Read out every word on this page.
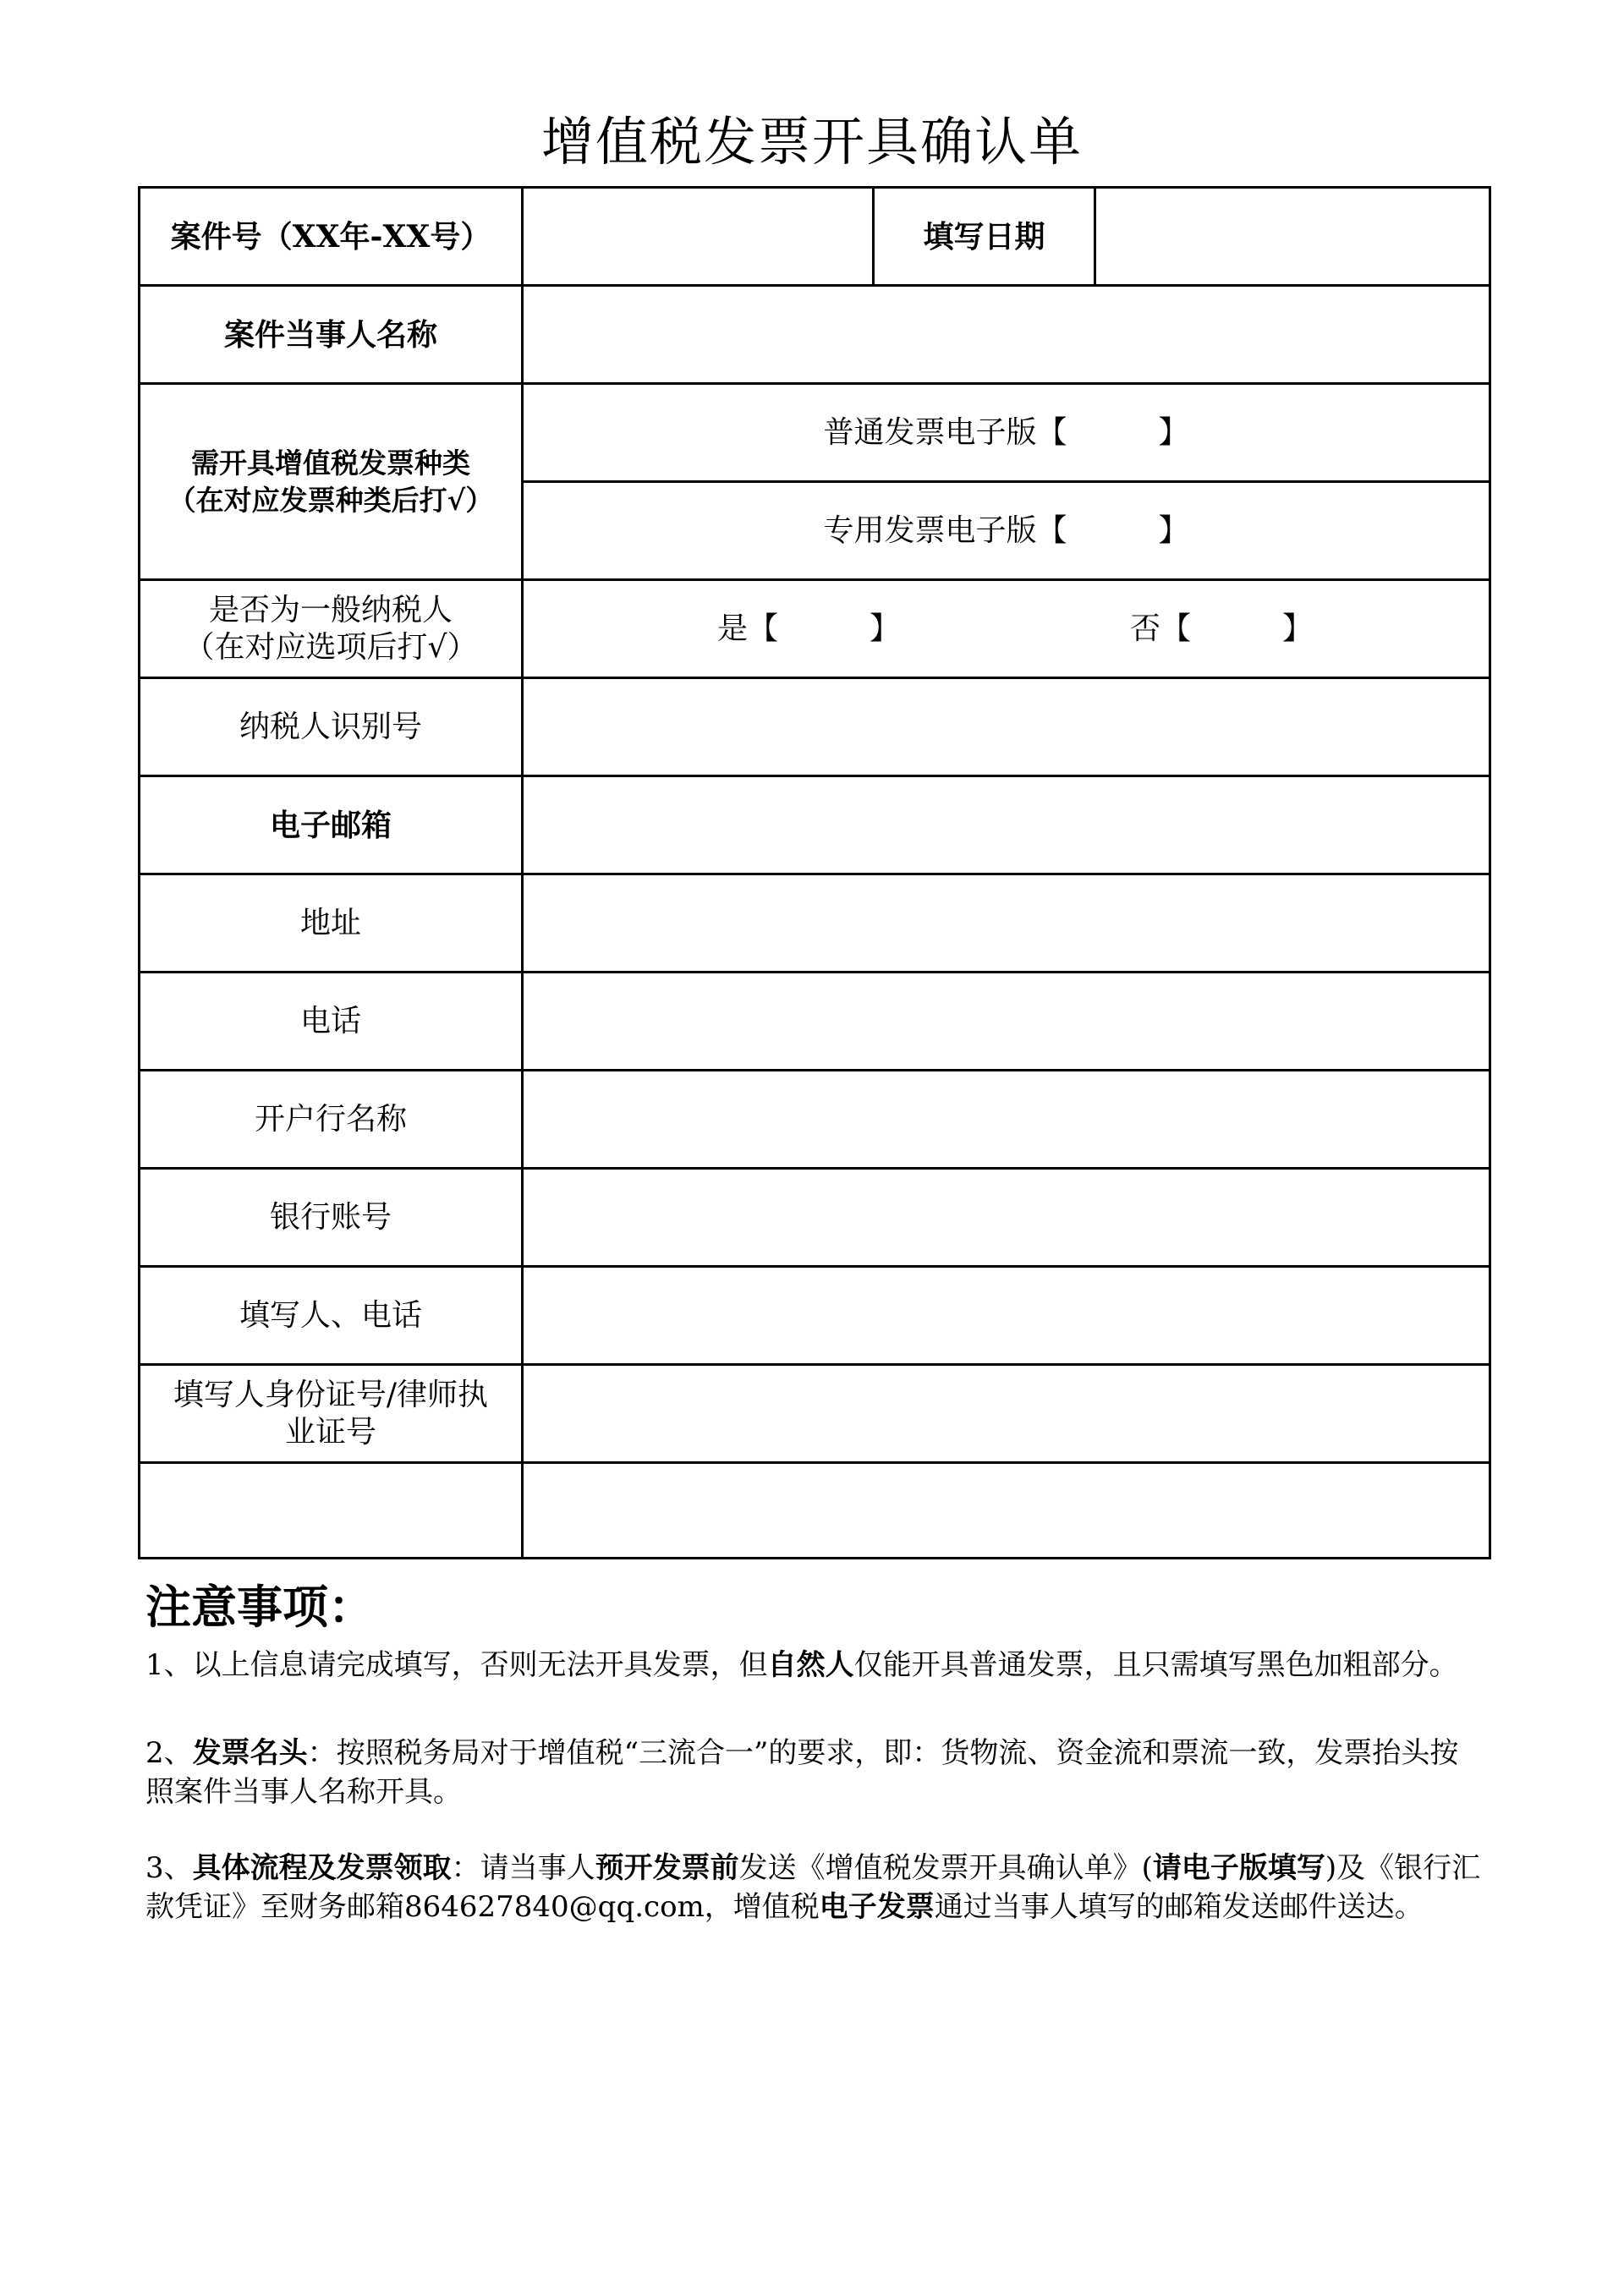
增值税发票开具确认单
案件号（XX年-XX号）	填写日期
案件当事人名称
需开具增值税发票种类
（在对应发票种类后打√）
普通发票电子版【　　　】
专用发票电子版【　　　】
是否为一般纳税人
（在对应选项后打√）
是【　　　】	否【　　　】
纳税人识别号
电子邮箱
地址
电话
开户行名称
银行账号
填写人、电话
填写人身份证号/律师执
业证号
注意事项：
1、以上信息请完成填写，否则无法开具发票，但自然人仅能开具普通发票，且只需填写黑色加粗部分。
2、发票名头：按照税务局对于增值税“三流合一”的要求，即：货物流、资金流和票流一致，发票抬头按照案件当事人名称开具。
3、具体流程及发票领取：请当事人预开发票前发送《增值税发票开具确认单》(请电子版填写)及《银行汇款凭证》至财务邮箱864627840@qq.com，增值税电子发票通过当事人填写的邮箱发送邮件送达。
